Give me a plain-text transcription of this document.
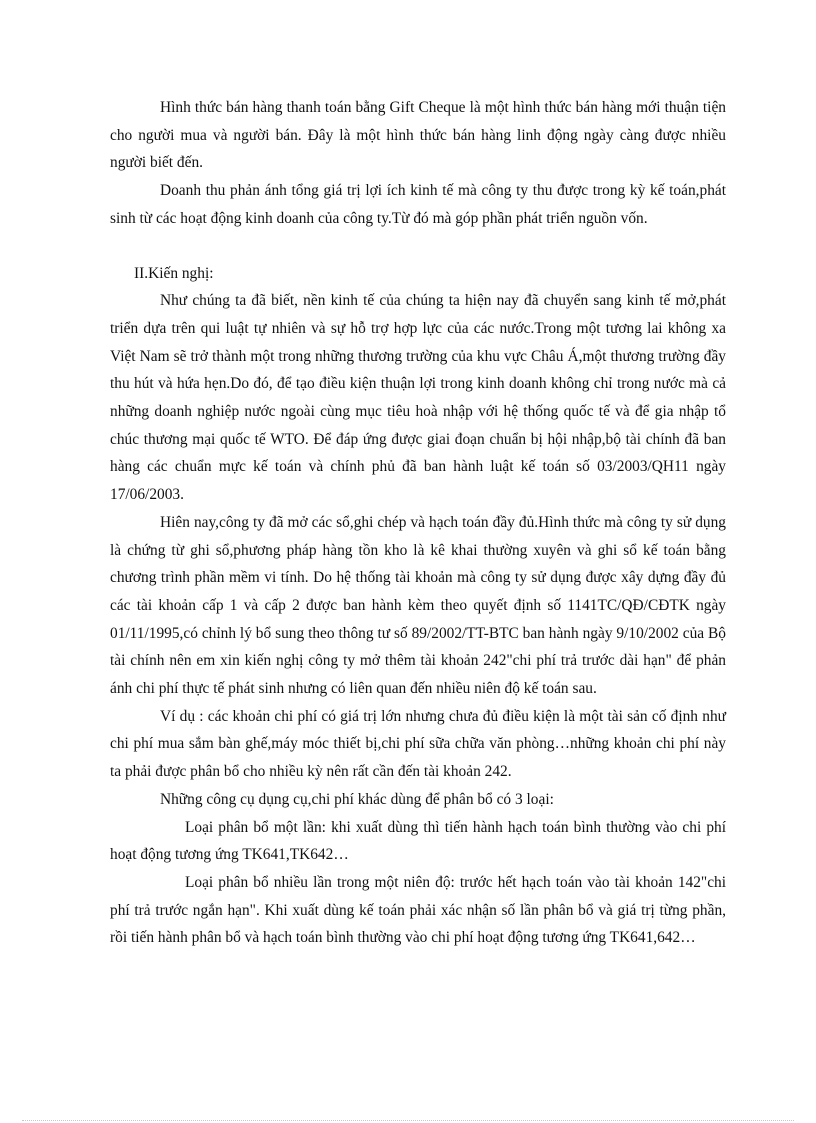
Hình thức bán hàng thanh toán bằng Gift Cheque là một hình thức bán hàng mới thuận tiện cho người mua và người bán. Đây là một hình thức bán hàng linh động ngày càng được nhiều người biết đến.

Doanh thu phản ánh tổng giá trị lợi ích kinh tế mà công ty thu được trong kỳ kế toán,phát sinh từ các hoạt động kinh doanh của công ty.Từ đó mà góp phần phát triển nguồn vốn.

II.Kiến nghị:

Như chúng ta đã biết, nền kinh tế của chúng ta hiện nay đã chuyển sang kinh tế mở,phát triển dựa trên qui luật tự nhiên và sự hỗ trợ hợp lực của các nước.Trong một tương lai không xa Việt Nam sẽ trở thành một trong những thương trường của khu vực Châu Á,một thương trường đầy thu hút và hứa hẹn.Do đó, để tạo điều kiện thuận lợi trong kinh doanh không chỉ trong nước mà cả những doanh nghiệp nước ngoài cùng mục tiêu hoà nhập với hệ thống quốc tế và để gia nhập tổ chúc thương mại quốc tế WTO. Để đáp ứng được giai đoạn chuẩn bị hội nhập,bộ tài chính đã ban hàng các chuẩn mực kế toán và chính phủ đã ban hành luật kế toán số 03/2003/QH11 ngày 17/06/2003.

Hiên nay,công ty đã mở các sổ,ghi chép và hạch toán đầy đủ.Hình thức mà công ty sử dụng là chứng từ ghi sổ,phương pháp hàng tồn kho là kê khai thường xuyên và ghi sổ kế toán bằng chương trình phần mềm vi tính. Do hệ thống tài khoản mà công ty sử dụng được xây dựng đầy đủ các tài khoản cấp 1 và cấp 2 được ban hành kèm theo quyết định số 1141TC/QĐ/CĐTK ngày 01/11/1995,có chỉnh lý bổ sung theo thông tư số 89/2002/TT-BTC ban hành ngày 9/10/2002 của Bộ tài chính nên em xin kiến nghị công ty mở thêm tài khoản 242"chi phí trả trước dài hạn" để phản ánh chi phí thực tế phát sinh nhưng có liên quan đến nhiều niên độ kế toán sau.

Ví dụ : các khoản chi phí có giá trị lớn nhưng chưa đủ điều kiện là một tài sản cố định như chi phí mua sắm bàn ghế,máy móc thiết bị,chi phí sữa chữa văn phòng…những khoản chi phí này ta phải được phân bổ cho nhiều kỳ nên rất cần đến tài khoản 242.

Những công cụ dụng cụ,chi phí khác dùng để phân bổ có 3 loại:

Loại phân bổ một lần: khi xuất dùng thì tiến hành hạch toán bình thường vào chi phí hoạt động tương ứng TK641,TK642…

Loại phân bổ nhiều lần trong một niên độ: trước hết hạch toán vào tài khoản 142"chi phí trả trước ngắn hạn". Khi xuất dùng kế toán phải xác nhận số lần phân bổ và giá trị từng phần, rồi tiến hành phân bổ và hạch toán bình thường vào chi phí hoạt động tương ứng TK641,642…
